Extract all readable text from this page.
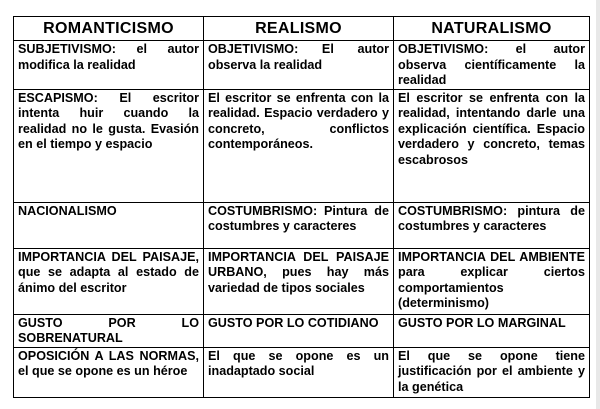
ROMANTICISMO	REALISMO	NATURALISMO
SUBJETIVISMO: el autor modifica la realidad	OBJETIVISMO: El autor observa la realidad	OBJETIVISMO: el autor observa científicamente la realidad
ESCAPISMO: El escritor intenta huir cuando la realidad no le gusta. Evasión en el tiempo y espacio	El escritor se enfrenta con la realidad. Espacio verdadero y concreto, conflictos contemporáneos.	El escritor se enfrenta con la realidad, intentando darle una explicación científica. Espacio verdadero y concreto, temas escabrosos
NACIONALISMO	COSTUMBRISMO: Pintura de costumbres y caracteres	COSTUMBRISMO: pintura de costumbres y caracteres
IMPORTANCIA DEL PAISAJE, que se adapta al estado de ánimo del escritor	IMPORTANCIA DEL PAISAJE URBANO, pues hay más variedad de tipos sociales	IMPORTANCIA DEL AMBIENTE para explicar ciertos comportamientos (determinismo)
GUSTO POR LO SOBRENATURAL	GUSTO POR LO COTIDIANO	GUSTO POR LO MARGINAL
OPOSICIÓN A LAS NORMAS, el que se opone es un héroe	El que se opone es un inadaptado social	El que se opone tiene justificación por el ambiente y la genética
